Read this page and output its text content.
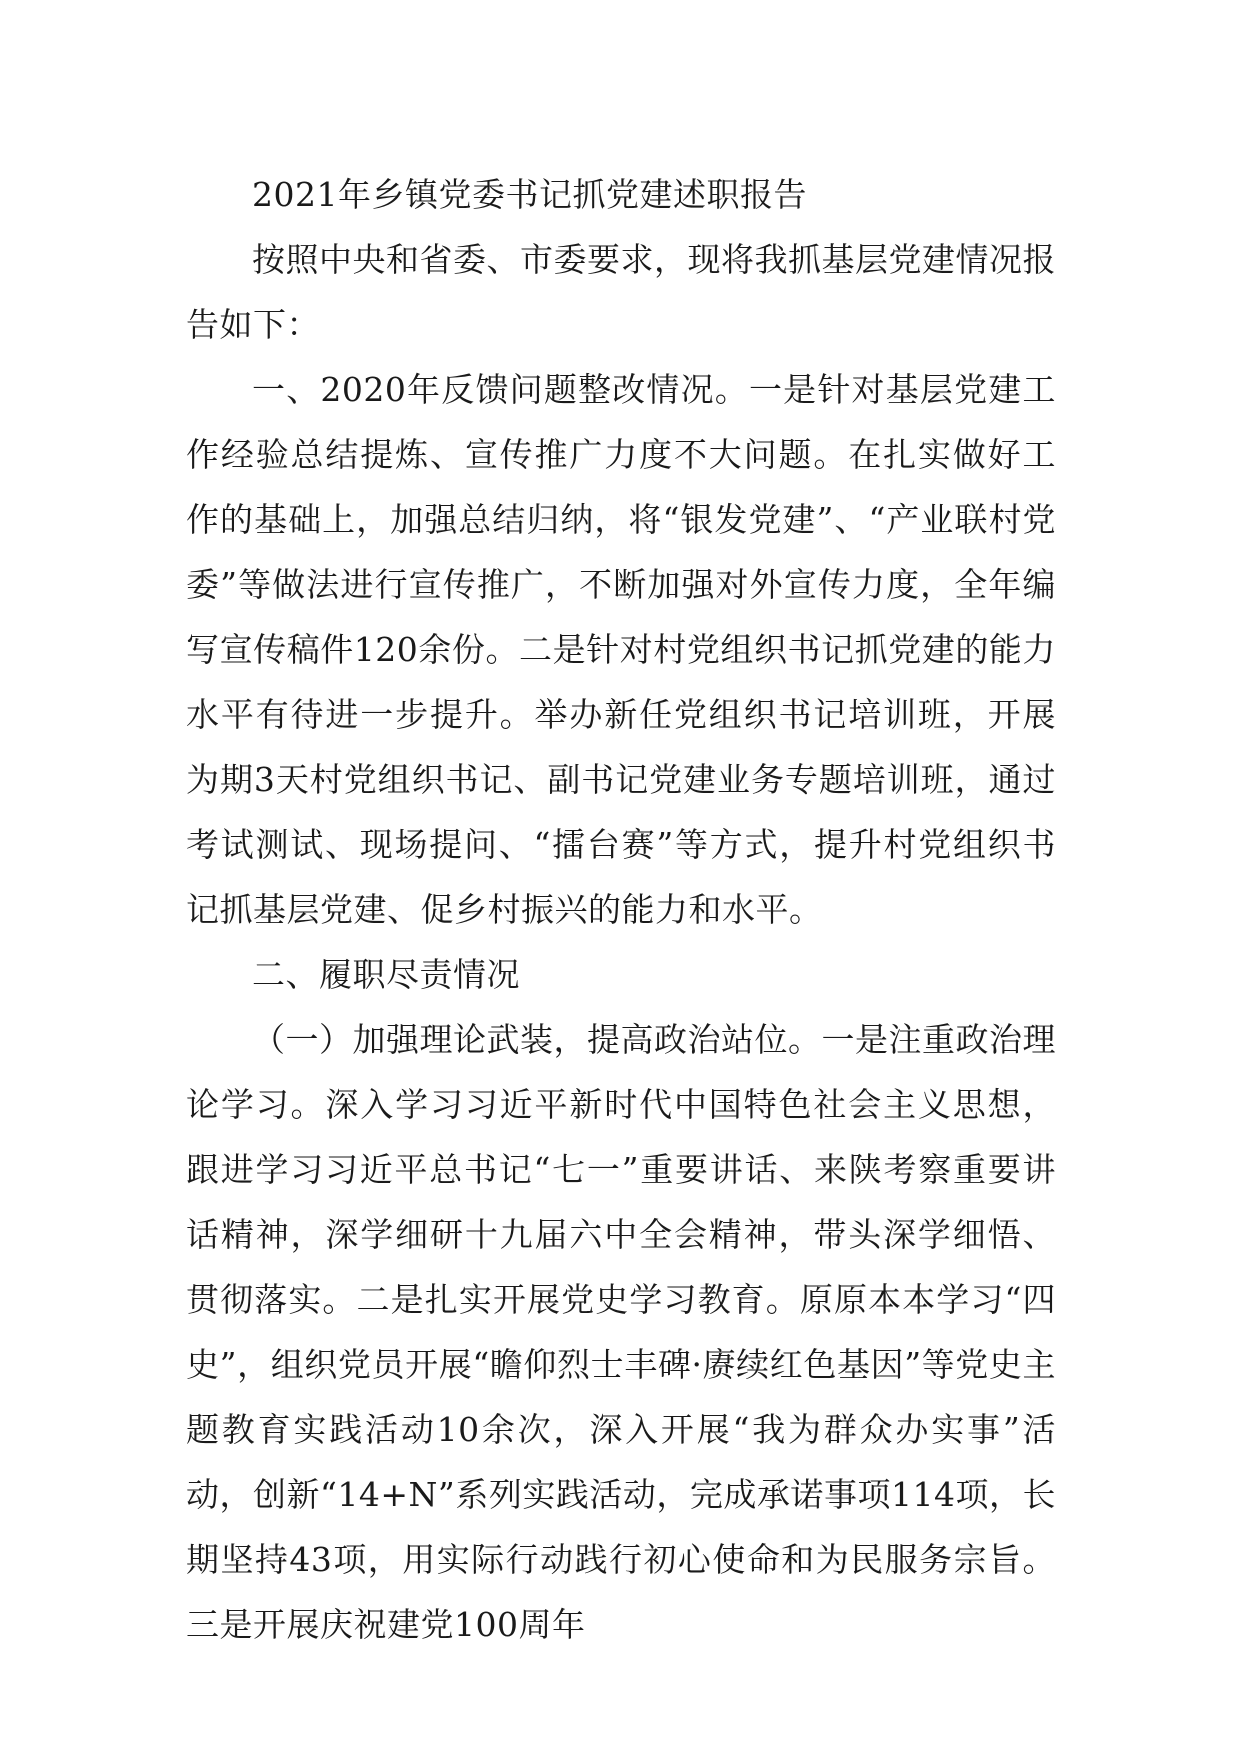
2021年乡镇党委书记抓党建述职报告

按照中央和省委、市委要求，现将我抓基层党建情况报告如下：

一、2020年反馈问题整改情况。一是针对基层党建工作经验总结提炼、宣传推广力度不大问题。在扎实做好工作的基础上，加强总结归纳，将“银发党建”、“产业联村党委”等做法进行宣传推广，不断加强对外宣传力度，全年编写宣传稿件120余份。二是针对村党组织书记抓党建的能力水平有待进一步提升。举办新任党组织书记培训班，开展为期3天村党组织书记、副书记党建业务专题培训班，通过考试测试、现场提问、“擂台赛”等方式，提升村党组织书记抓基层党建、促乡村振兴的能力和水平。

二、履职尽责情况

（一）加强理论武装，提高政治站位。一是注重政治理论学习。深入学习习近平新时代中国特色社会主义思想，跟进学习习近平总书记“七一”重要讲话、来陕考察重要讲话精神，深学细研十九届六中全会精神，带头深学细悟、贯彻落实。二是扎实开展党史学习教育。原原本本学习“四史”，组织党员开展“瞻仰烈士丰碑·赓续红色基因”等党史主题教育实践活动10余次，深入开展“我为群众办实事”活动，创新“14+N”系列实践活动，完成承诺事项114项，长期坚持43项，用实际行动践行初心使命和为民服务宗旨。三是开展庆祝建党100周年
